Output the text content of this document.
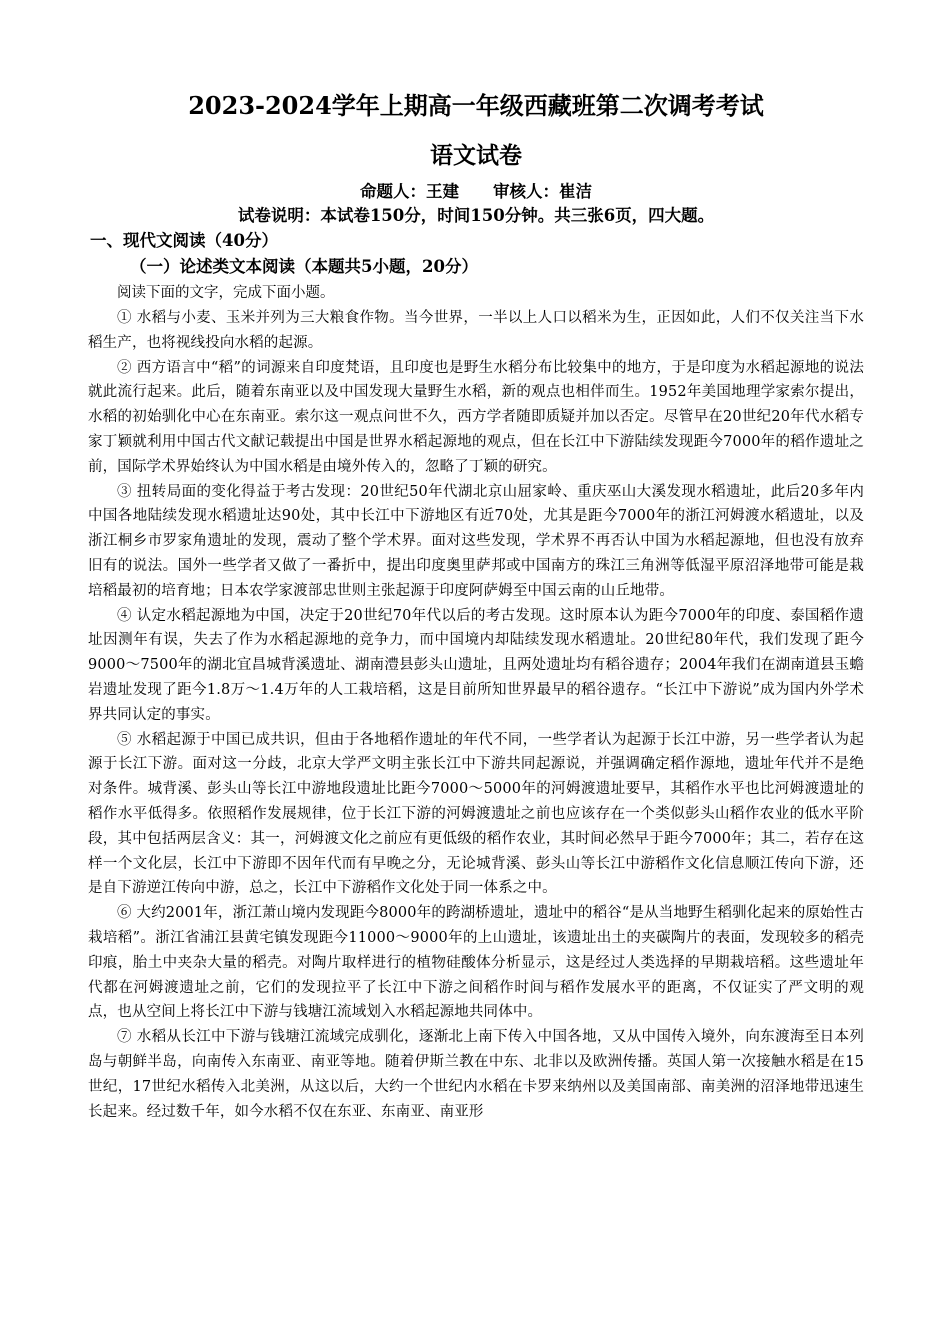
2023-2024学年上期高一年级西藏班第二次调考考试
语文试卷
命题人：王建 审核人：崔洁
试卷说明：本试卷150分，时间150分钟。共三张6页，四大题。
一、现代文阅读（40分）
（一）论述类文本阅读（本题共5小题，20分）

阅读下面的文字，完成下面小题。

① 水稻与小麦、玉米并列为三大粮食作物。当今世界，一半以上人口以稻米为生，正因如此，人们不仅关注当下水稻生产，也将视线投向水稻的起源。

② 西方语言中“稻”的词源来自印度梵语，且印度也是野生水稻分布比较集中的地方，于是印度为水稻起源地的说法就此流行起来。此后，随着东南亚以及中国发现大量野生水稻，新的观点也相伴而生。1952年美国地理学家索尔提出，水稻的初始驯化中心在东南亚。索尔这一观点问世不久，西方学者随即质疑并加以否定。尽管早在20世纪20年代水稻专家丁颖就利用中国古代文献记载提出中国是世界水稻起源地的观点，但在长江中下游陆续发现距今7000年的稻作遗址之前，国际学术界始终认为中国水稻是由境外传入的，忽略了丁颖的研究。

③ 扭转局面的变化得益于考古发现：20世纪50年代湖北京山屈家岭、重庆巫山大溪发现水稻遗址，此后20多年内中国各地陆续发现水稻遗址达90处，其中长江中下游地区有近70处，尤其是距今7000年的浙江河姆渡水稻遗址，以及浙江桐乡市罗家角遗址的发现，震动了整个学术界。面对这些发现，学术界不再否认中国为水稻起源地，但也没有放弃旧有的说法。国外一些学者又做了一番折中，提出印度奥里萨邦或中国南方的珠江三角洲等低湿平原沼泽地带可能是栽培稻最初的培育地；日本农学家渡部忠世则主张起源于印度阿萨姆至中国云南的山丘地带。

④ 认定水稻起源地为中国，决定于20世纪70年代以后的考古发现。这时原本认为距今7000年的印度、泰国稻作遗址因测年有误，失去了作为水稻起源地的竞争力，而中国境内却陆续发现水稻遗址。20世纪80年代，我们发现了距今9000～7500年的湖北宜昌城背溪遗址、湖南澧县彭头山遗址，且两处遗址均有稻谷遗存；2004年我们在湖南道县玉蟾岩遗址发现了距今1.8万～1.4万年的人工栽培稻，这是目前所知世界最早的稻谷遗存。“长江中下游说”成为国内外学术界共同认定的事实。

⑤ 水稻起源于中国已成共识，但由于各地稻作遗址的年代不同，一些学者认为起源于长江中游，另一些学者认为起源于长江下游。面对这一分歧，北京大学严文明主张长江中下游共同起源说，并强调确定稻作源地，遗址年代并不是绝对条件。城背溪、彭头山等长江中游地段遗址比距今7000～5000年的河姆渡遗址要早，其稻作水平也比河姆渡遗址的稻作水平低得多。依照稻作发展规律，位于长江下游的河姆渡遗址之前也应该存在一个类似彭头山稻作农业的低水平阶段，其中包括两层含义：其一，河姆渡文化之前应有更低级的稻作农业，其时间必然早于距今7000年；其二，若存在这样一个文化层，长江中下游即不因年代而有早晚之分，无论城背溪、彭头山等长江中游稻作文化信息顺江传向下游，还是自下游逆江传向中游，总之，长江中下游稻作文化处于同一体系之中。

⑥ 大约2001年，浙江萧山境内发现距今8000年的跨湖桥遗址，遗址中的稻谷“是从当地野生稻驯化起来的原始性古栽培稻”。浙江省浦江县黄宅镇发现距今11000～9000年的上山遗址，该遗址出土的夹碳陶片的表面，发现较多的稻壳印痕，胎土中夹杂大量的稻壳。对陶片取样进行的植物硅酸体分析显示，这是经过人类选择的早期栽培稻。这些遗址年代都在河姆渡遗址之前，它们的发现拉平了长江中下游之间稻作时间与稻作发展水平的距离，不仅证实了严文明的观点，也从空间上将长江中下游与钱塘江流域划入水稻起源地共同体中。

⑦ 水稻从长江中下游与钱塘江流域完成驯化，逐渐北上南下传入中国各地，又从中国传入境外，向东渡海至日本列岛与朝鲜半岛，向南传入东南亚、南亚等地。随着伊斯兰教在中东、北非以及欧洲传播。英国人第一次接触水稻是在15世纪，17世纪水稻传入北美洲，从这以后，大约一个世纪内水稻在卡罗来纳州以及美国南部、南美洲的沼泽地带迅速生长起来。经过数千年，如今水稻不仅在东亚、东南亚、南亚形
